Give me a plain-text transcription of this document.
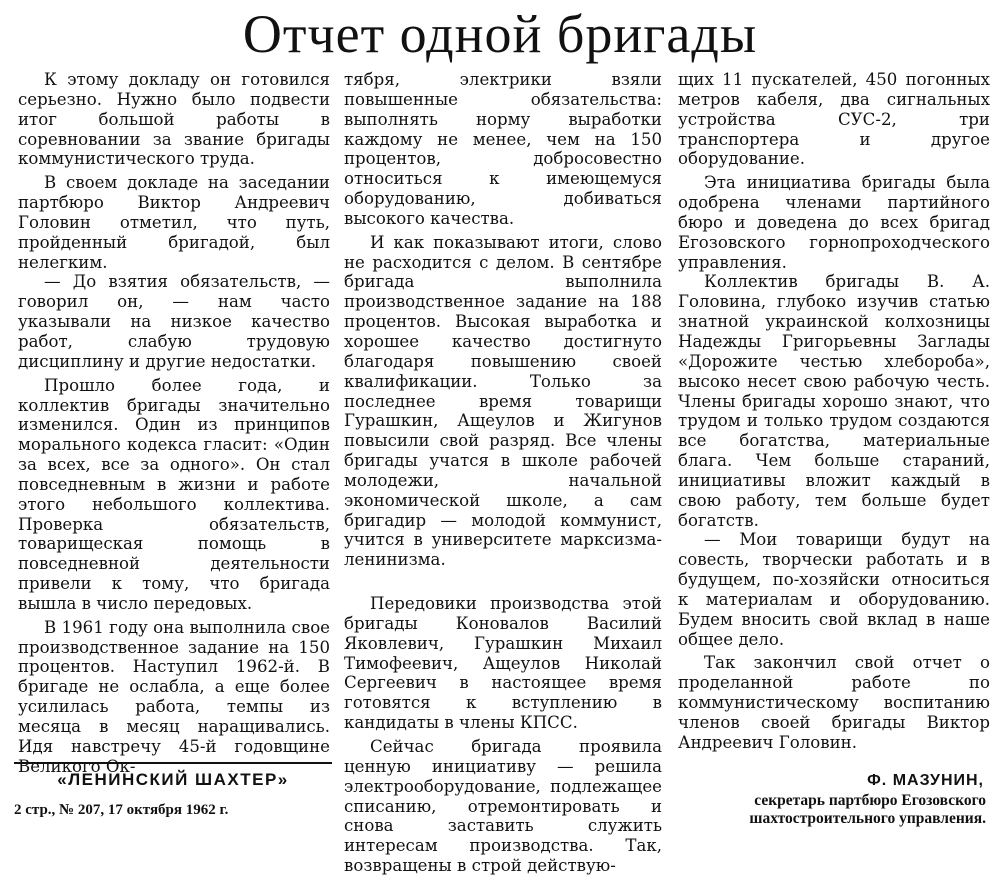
Отчет одной бригады

К этому докладу он готовился серьезно. Нужно было подвести итог большой работы в соревновании за звание бригады коммунистического труда.

В своем докладе на заседании партбюро Виктор Андреевич Головин отметил, что путь, пройденный бригадой, был нелегким.

— До взятия обязательств, — говорил он, — нам часто указывали на низкое качество работ, слабую трудовую дисциплину и другие недостатки.

Прошло более года, и коллектив бригады значительно изменился. Один из принципов морального кодекса гласит: «Один за всех, все за одного». Он стал повседневным в жизни и работе этого небольшого коллектива. Проверка обязательств, товарищеская помощь в повседневной деятельности привели к тому, что бригада вышла в число передовых.

В 1961 году она выполнила свое производственное задание на 150 процентов. Наступил 1962-й. В бригаде не ослабла, а еще более усилилась работа, темпы из месяца в месяц наращивались. Идя навстречу 45-й годовщине Великого Ок-

тября, электрики взяли повышенные обязательства: выполнять норму выработки каждому не менее, чем на 150 процентов, добросовестно относиться к имеющемуся оборудованию, добиваться высокого качества.

И как показывают итоги, слово не расходится с делом. В сентябре бригада выполнила производственное задание на 188 процентов. Высокая выработка и хорошее качество достигнуто благодаря повышению своей квалификации. Только за последнее время товарищи Гурашкин, Ащеулов и Жигунов повысили свой разряд. Все члены бригады учатся в школе рабочей молодежи, начальной экономической школе, а сам бригадир — молодой коммунист, учится в университете марксизма-ленинизма.

Передовики производства этой бригады Коновалов Василий Яковлевич, Гурашкин Михаил Тимофеевич, Ащеулов Николай Сергеевич в настоящее время готовятся к вступлению в кандидаты в члены КПСС.

Сейчас бригада проявила ценную инициативу — решила электрооборудование, подлежащее списанию, отремонтировать и снова заставить служить интересам производства. Так, возвращены в строй действую-

щих 11 пускателей, 450 погонных метров кабеля, два сигнальных устройства СУС-2, три транспортера и другое оборудование.

Эта инициатива бригады была одобрена членами партийного бюро и доведена до всех бригад Егозовского горнопроходческого управления.

Коллектив бригады В. А. Головина, глубоко изучив статью знатной украинской колхозницы Надежды Григорьевны Заглады «Дорожите честью хлебороба», высоко несет свою рабочую честь. Члены бригады хорошо знают, что трудом и только трудом создаются все богатства, материальные блага. Чем больше стараний, инициативы вложит каждый в свою работу, тем больше будет богатств.

— Мои товарищи будут на совесть, творчески работать и в будущем, по-хозяйски относиться к материалам и оборудованию. Будем вносить свой вклад в наше общее дело.

Так закончил свой отчет о проделанной работе по коммунистическому воспитанию членов своей бригады Виктор Андреевич Головин.

«ЛЕНИНСКИЙ ШАХТЕР»
2 стр., № 207, 17 октября 1962 г.
Ф. МАЗУНИН,
секретарь партбюро Егозовского шахтостроительного управления.
